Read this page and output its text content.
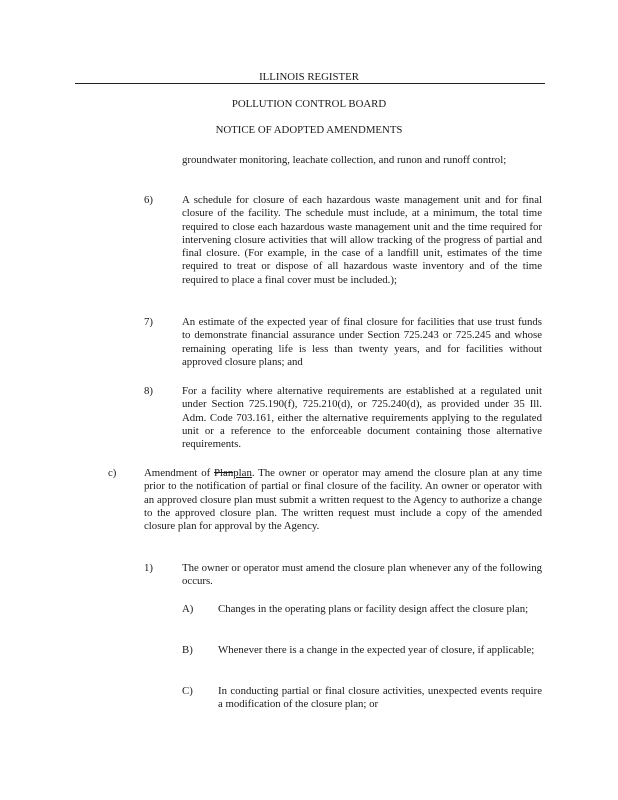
ILLINOIS REGISTER
POLLUTION CONTROL BOARD
NOTICE OF ADOPTED AMENDMENTS
groundwater monitoring, leachate collection, and runon and runoff control;
6)	A schedule for closure of each hazardous waste management unit and for final closure of the facility. The schedule must include, at a minimum, the total time required to close each hazardous waste management unit and the time required for intervening closure activities that will allow tracking of the progress of partial and final closure. (For example, in the case of a landfill unit, estimates of the time required to treat or dispose of all hazardous waste inventory and of the time required to place a final cover must be included.);
7)	An estimate of the expected year of final closure for facilities that use trust funds to demonstrate financial assurance under Section 725.243 or 725.245 and whose remaining operating life is less than twenty years, and for facilities without approved closure plans; and
8)	For a facility where alternative requirements are established at a regulated unit under Section 725.190(f), 725.210(d), or 725.240(d), as provided under 35 Ill. Adm. Code 703.161, either the alternative requirements applying to the regulated unit or a reference to the enforceable document containing those alternative requirements.
c)	Amendment of Planplan. The owner or operator may amend the closure plan at any time prior to the notification of partial or final closure of the facility. An owner or operator with an approved closure plan must submit a written request to the Agency to authorize a change to the approved closure plan. The written request must include a copy of the amended closure plan for approval by the Agency.
1)	The owner or operator must amend the closure plan whenever any of the following occurs.
A) Changes in the operating plans or facility design affect the closure plan;
B) Whenever there is a change in the expected year of closure, if applicable;
C) In conducting partial or final closure activities, unexpected events require a modification of the closure plan; or
